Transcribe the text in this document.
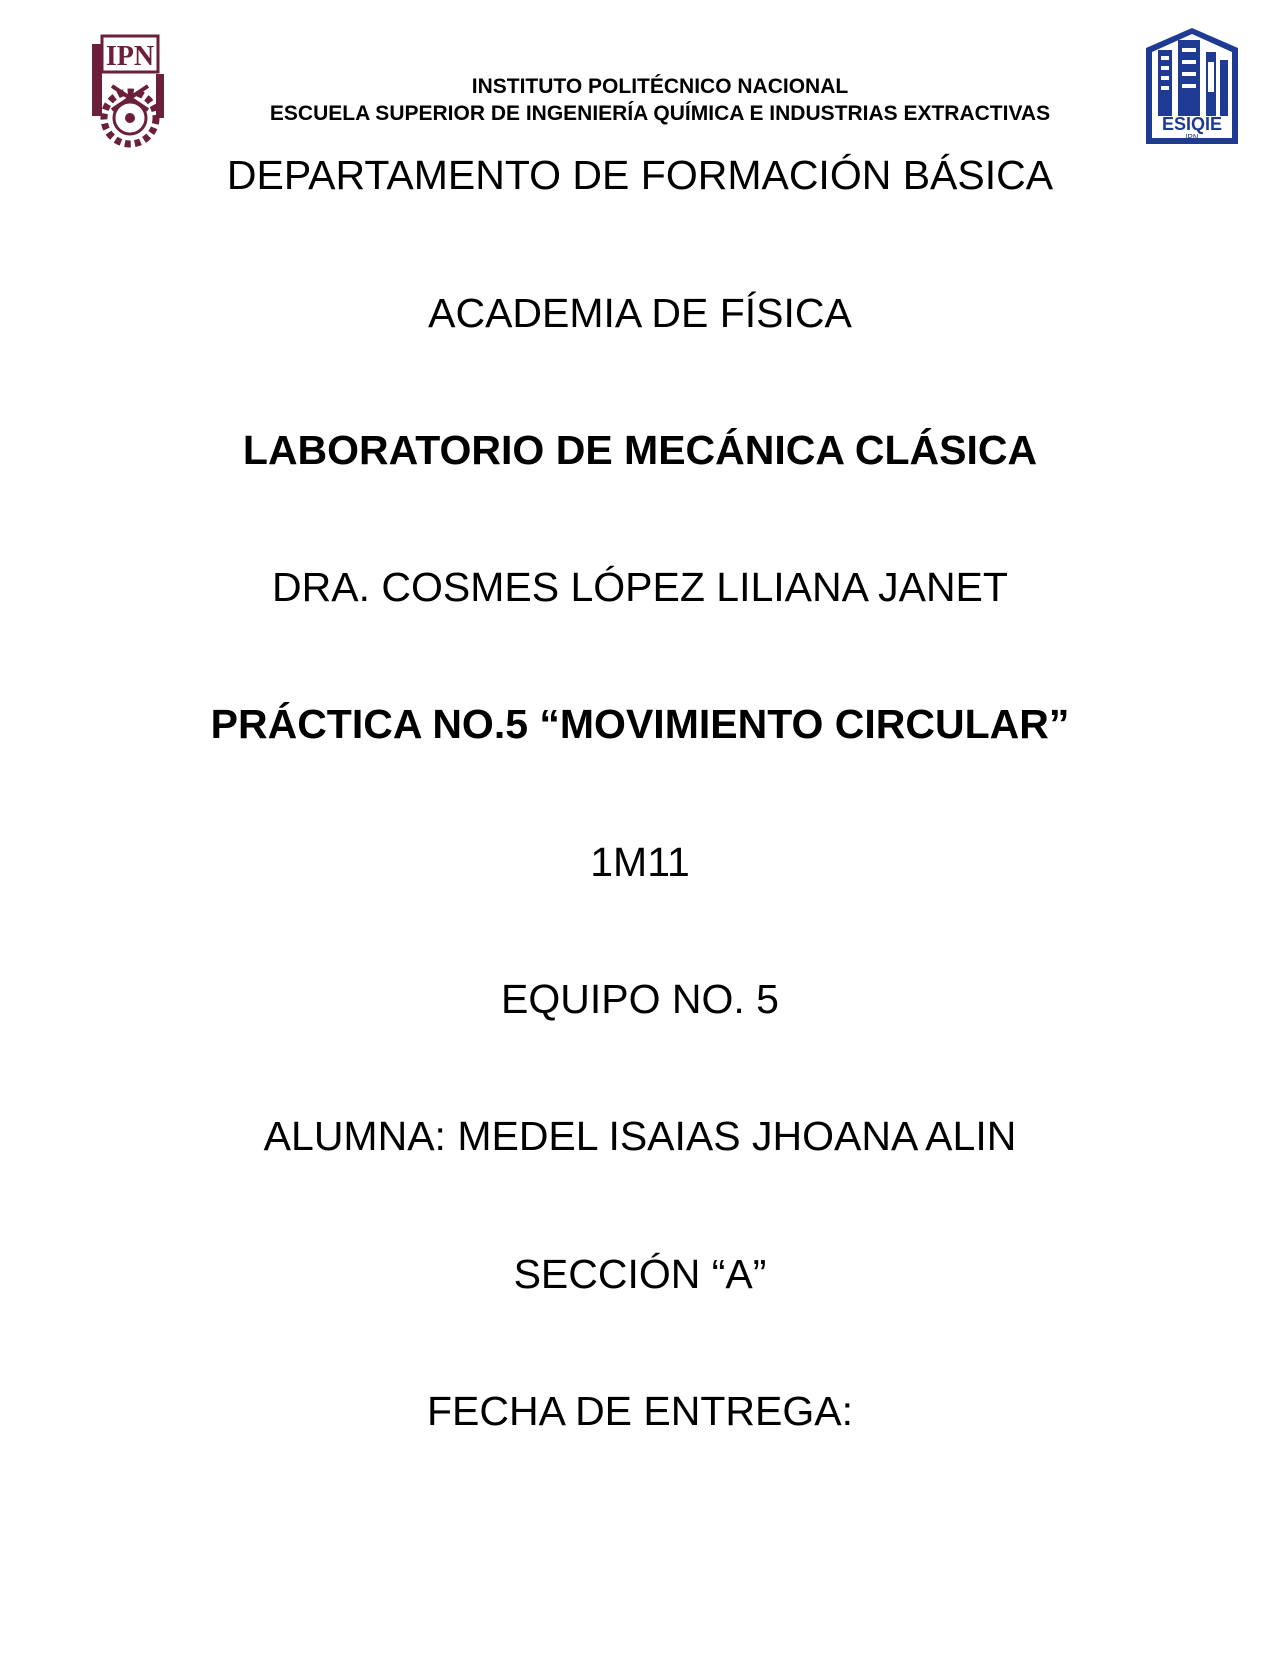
IPN
ESIQIE
IPN
INSTITUTO POLITÉCNICO NACIONAL
ESCUELA SUPERIOR DE INGENIERÍA QUÍMICA E INDUSTRIAS EXTRACTIVAS
DEPARTAMENTO DE FORMACIÓN BÁSICA
ACADEMIA DE FÍSICA
LABORATORIO DE MECÁNICA CLÁSICA
DRA. COSMES LÓPEZ LILIANA JANET
PRÁCTICA NO.5 “MOVIMIENTO CIRCULAR”
1M11
EQUIPO NO. 5
ALUMNA: MEDEL ISAIAS JHOANA ALIN
SECCIÓN “A”
FECHA DE ENTREGA:
